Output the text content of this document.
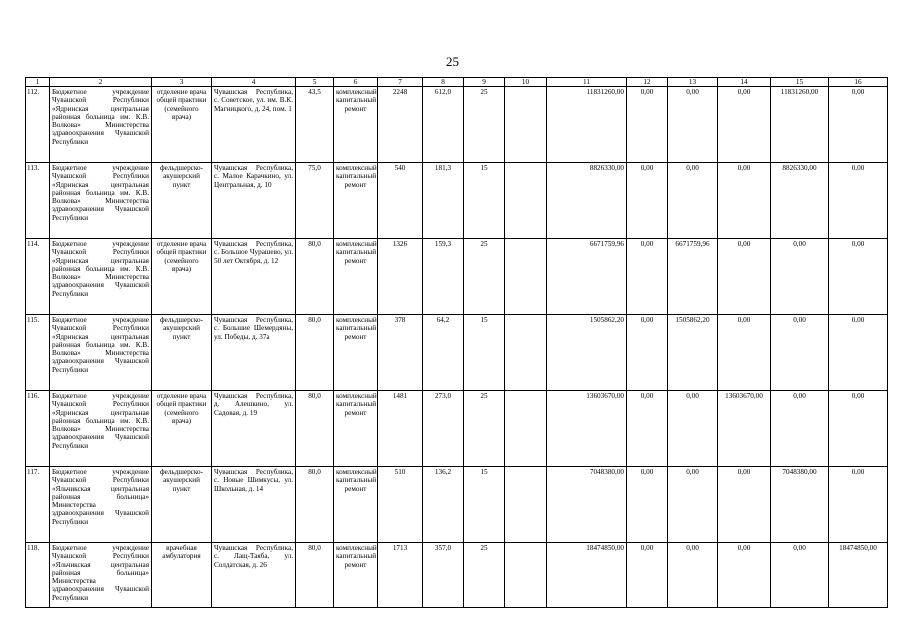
25
1	2	3	4	5	6	7	8	9	10	11	12	13	14	15	16
112.	Бюджетное учреждение Чувашской Республики «Ядринская центральная районная больница им. К.В. Волкова» Министерства здравоохранения Чувашской Республики	отделение врача общей практики (семейного врача)	Чувашская Республика, с. Советское, ул. им. В.К. Магницкого, д. 24, пом. 1	43,5	комплексный капитальный ремонт	2248	612,0	25		11831260,00	0,00	0,00	0,00	11831260,00	0,00
113.	Бюджетное учреждение Чувашской Республики «Ядринская центральная районная больница им. К.В. Волкова» Министерства здравоохранения Чувашской Республики	фельдшерско-акушерский пункт	Чувашская Республика, с. Малое Карачкино, ул. Центральная, д. 10	75,0	комплексный капитальный ремонт	540	181,3	15		8826330,00	0,00	0,00	0,00	8826330,00	0,00
114.	Бюджетное учреждение Чувашской Республики «Ядринская центральная районная больница им. К.В. Волкова» Министерства здравоохранения Чувашской Республики	отделение врача общей практики (семейного врача)	Чувашская Республика, с. Большое Чурашево, ул. 50 лет Октября, д. 12	80,0	комплексный капитальный ремонт	1326	159,3	25		6671759,96	0,00	6671759,96	0,00	0,00	0,00
115.	Бюджетное учреждение Чувашской Республики «Ядринская центральная районная больница им. К.В. Волкова» Министерства здравоохранения Чувашской Республики	фельдшерско-акушерский пункт	Чувашская Республика, с. Большие Шемердяны, ул. Победы, д. 37а	80,0	комплексный капитальный ремонт	378	64,2	15		1505862,20	0,00	1505862,20	0,00	0,00	0,00
116.	Бюджетное учреждение Чувашской Республики «Ядринская центральная районная больница им. К.В. Волкова» Министерства здравоохранения Чувашской Республики	отделение врача общей практики (семейного врача)	Чувашская Республика, д. Алешкино, ул. Садовая, д. 19	80,0	комплексный капитальный ремонт	1481	273,0	25		13603670,00	0,00	0,00	13603670,00	0,00	0,00
117.	Бюджетное учреждение Чувашской Республики «Яльчикская центральная районная больница» Министерства здравоохранения Чувашской Республики	фельдшерско-акушерский пункт	Чувашская Республика, с. Новые Шимкусы, ул. Школьная, д. 14	80,0	комплексный капитальный ремонт	510	136,2	15		7048380,00	0,00	0,00	0,00	7048380,00	0,00
118.	Бюджетное учреждение Чувашской Республики «Яльчикская центральная районная больница» Министерства здравоохранения Чувашской Республики	врачебная амбулатория	Чувашская Республика, с. Лащ-Таяба, ул. Солдатская, д. 26	80,0	комплексный капитальный ремонт	1713	357,0	25		18474850,00	0,00	0,00	0,00	0,00	18474850,00
